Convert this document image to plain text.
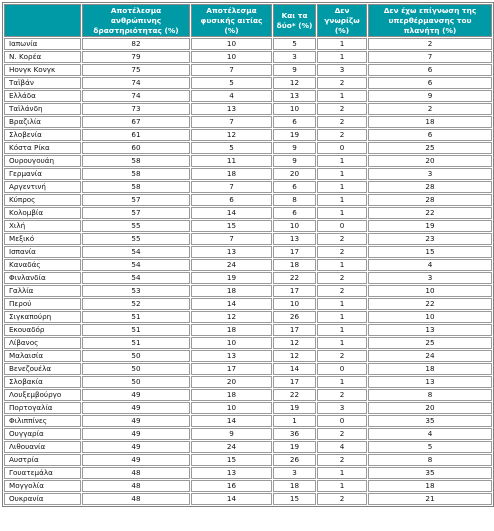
	Αποτέλεσμα ανθρώπινης δραστηριότητας (%)	Αποτέλεσμα φυσικής αιτίας (%)	Και τα δύο* (%)	Δεν γνωρίζω (%)	Δεν έχω επίγνωση της υπερθέρμανσης του πλανήτη (%)
Ιαπωνία	82	10	5	1	2
Ν. Κορέα	79	10	3	1	7
Hονγκ Kονγκ	75	7	9	3	6
Ταϊβάν	74	5	12	2	6
Ελλάδα	74	4	13	1	9
Ταϊλάνδη	73	13	10	2	2
Βραζιλία	67	7	6	2	18
Σλοβενία	61	12	19	2	6
Κόστα Ρίκα	60	5	9	0	25
Ουρουγουάη	58	11	9	1	20
Γερμανία	58	18	20	1	3
Αργεντινή	58	7	6	1	28
Κύπρος	57	6	8	1	28
Κολομβία	57	14	6	1	22
Χιλή	55	15	10	0	19
Μεξικό	55	7	13	2	23
Ισπανία	54	13	17	2	15
Καναδάς	54	24	18	1	4
Φινλανδία	54	19	22	2	3
Γαλλία	53	18	17	2	10
Περού	52	14	10	1	22
Σιγκαπούρη	51	12	26	1	10
Εκουαδόρ	51	18	17	1	13
Λίβανος	51	10	12	1	25
Μαλαισία	50	13	12	2	24
Βενεζουέλα	50	17	14	0	18
Σλοβακία	50	20	17	1	13
Λουξεμβούργο	49	18	22	2	8
Πορτογαλία	49	10	19	3	20
Φιλιππίνες	49	14	1	0	35
Ουγγαρία	49	9	36	2	4
Λιθουανία	49	24	19	4	5
Αυστρία	49	15	26	2	8
Γουατεμάλα	48	13	3	1	35
Μογγολία	48	16	18	1	18
Ουκρανία	48	14	15	2	21
